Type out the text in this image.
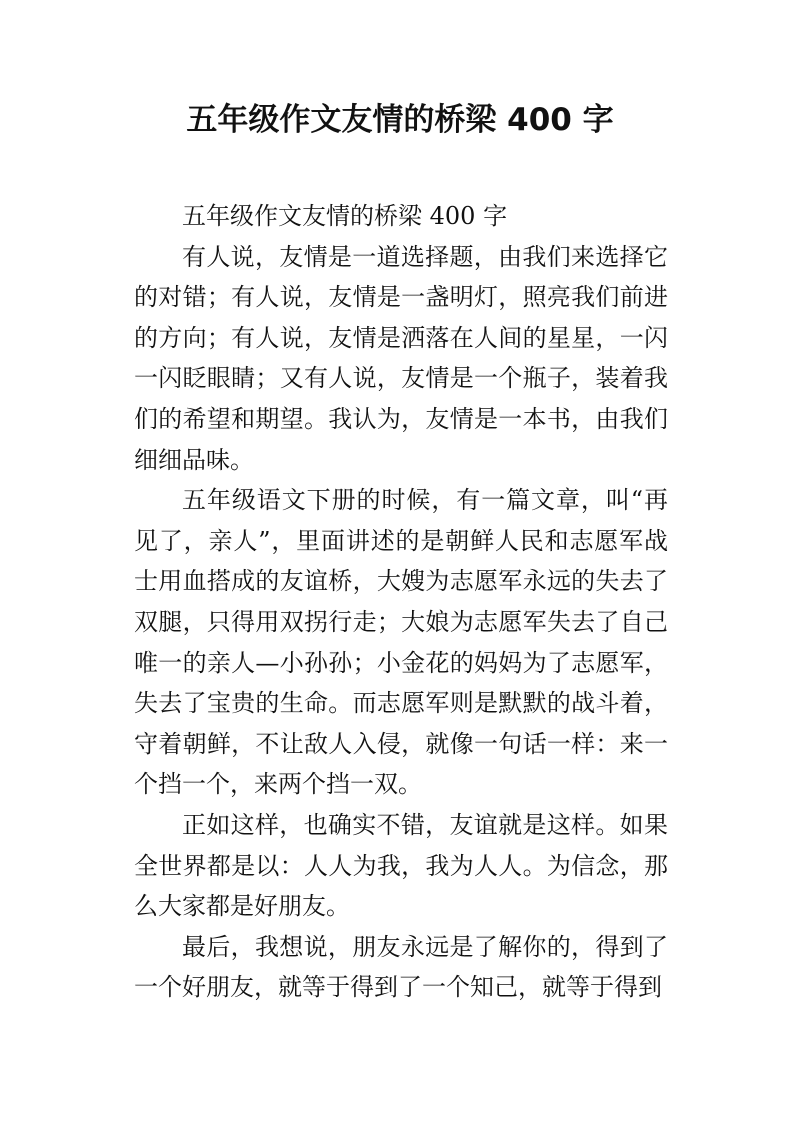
五年级作文友情的桥梁 400 字

五年级作文友情的桥梁 400 字

有人说，友情是一道选择题，由我们来选择它的对错；有人说，友情是一盏明灯，照亮我们前进的方向；有人说，友情是洒落在人间的星星，一闪一闪眨眼睛；又有人说，友情是一个瓶子，装着我们的希望和期望。我认为，友情是一本书，由我们细细品味。

五年级语文下册的时候，有一篇文章，叫“再见了，亲人”，里面讲述的是朝鲜人民和志愿军战士用血搭成的友谊桥，大嫂为志愿军永远的失去了双腿，只得用双拐行走；大娘为志愿军失去了自己唯一的亲人—小孙孙；小金花的妈妈为了志愿军，失去了宝贵的生命。而志愿军则是默默的战斗着，守着朝鲜，不让敌人入侵，就像一句话一样：来一个挡一个，来两个挡一双。

正如这样，也确实不错，友谊就是这样。如果全世界都是以：人人为我，我为人人。为信念，那么大家都是好朋友。

最后，我想说，朋友永远是了解你的，得到了一个好朋友，就等于得到了一个知己，就等于得到
